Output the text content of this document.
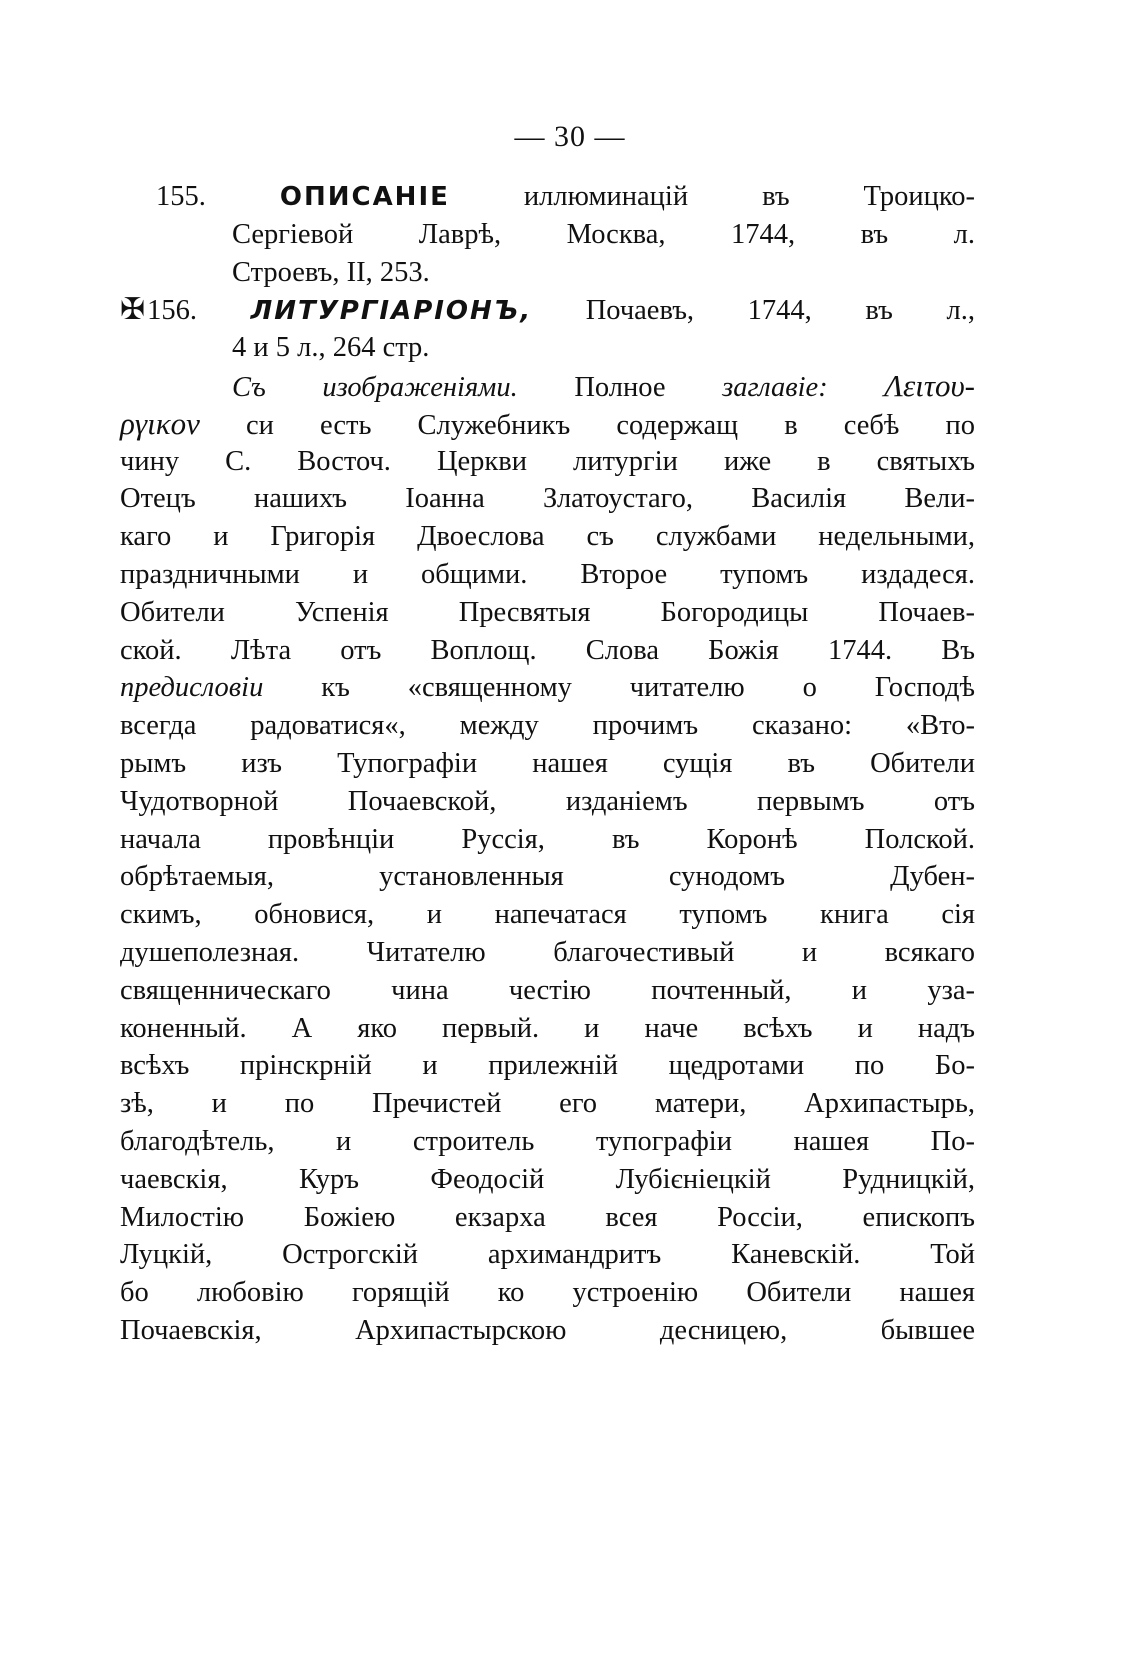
— 30 —
155.	ОПИСАНІЕ	иллюминацій въ Троицко-
Сергіевой Лаврѣ, Москва, 1744, въ л.
Строевъ, II, 253.
✠156. ЛИТУРГІАРІОНЪ, Почаевъ, 1744, въ л.,
4 и 5 л., 264 стр.
Съ изображеніями. Полное заглавіе: Λειτου-
ργικον си есть Служебникъ содержащ в себѣ по
чину С. Восточ. Церкви литургіи иже в святыхъ
Отецъ нашихъ Іоанна Златоустаго, Василія Вели-
каго и Григорія Двоеслова съ службами недельными,
праздничными и общими. Второе тупомъ издадеся.
Обители Успенія Пресвятыя Богородицы Почаев-
ской. Лѣта отъ Воплощ. Слова Божія 1744. Въ
предисловіи къ «священному читателю о Господѣ
всегда радоватися«, между прочимъ сказано: «Вто-
рымъ изъ Тупографіи нашея сущія въ Обители
Чудотворной Почаевской, изданіемъ первымъ отъ
начала провѣнціи Руссія, въ Коронѣ Полской.
обрѣтаемыя, установленныя сунодомъ Дубен-
скимъ, обновися, и напечатася тупомъ книга сія
душеполезная. Читателю благочестивый и всякаго
священническаго чина честію почтенный, и узa-
коненный. А яко первый. и наче всѣхъ и надъ
всѣхъ прінскрній и прилежній щедротами по Бо-
зѣ, и по Пречистей его матери, Архипастырь,
благодѣтель, и строитель тупографіи нашея По-
чаевскія, Куръ Феодосій Лубієніецкій Рудницкій,
Милостію Божіею екзарха всея Россіи, епископъ
Луцкій, Острогскій архимандритъ Каневскій. Той
бо любовію горящій ко устроенію Обители нашея
Почаевскія, Архипастырскою десницею, бывшее
